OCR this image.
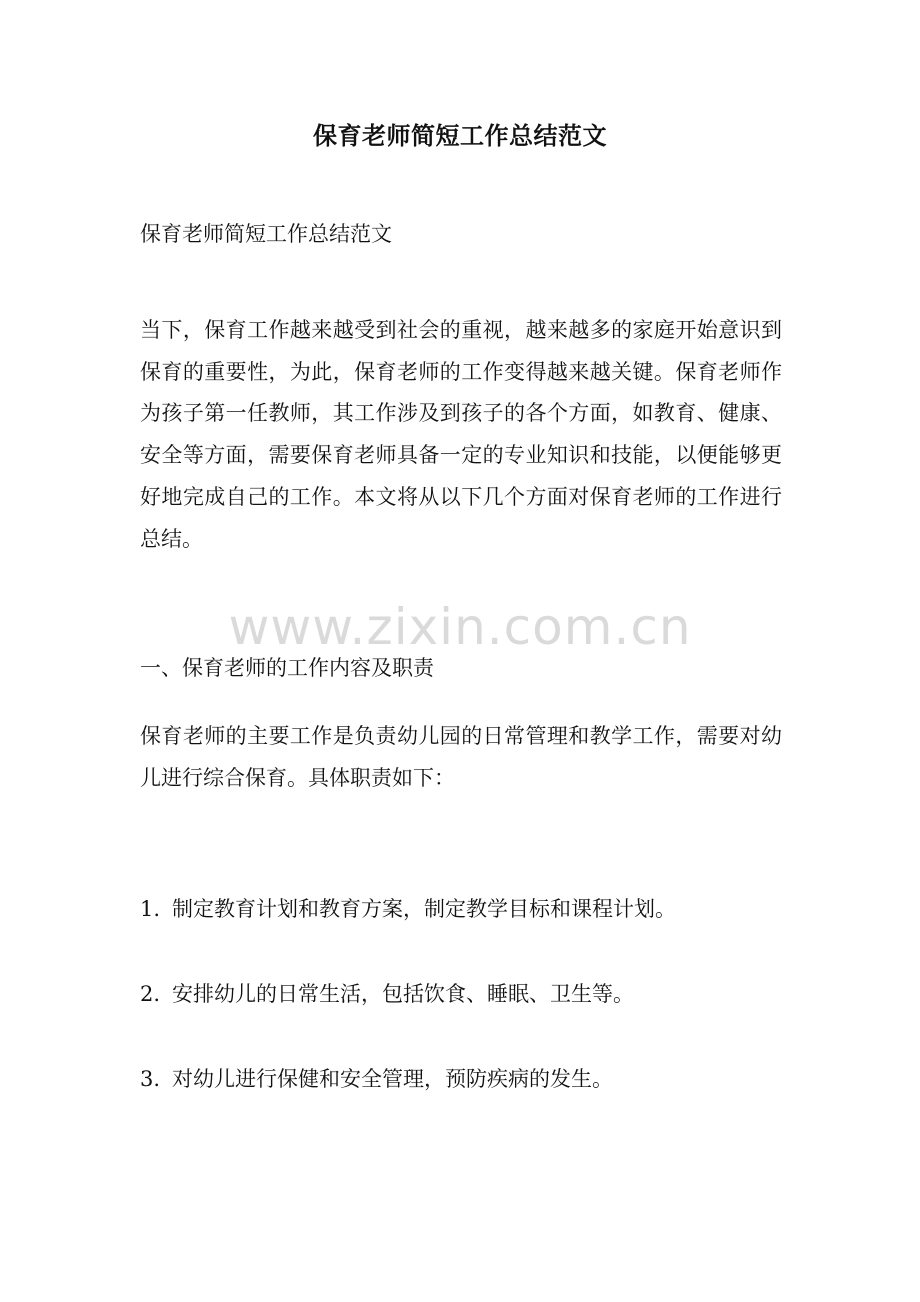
保育老师简短工作总结范文
保育老师简短工作总结范文

当下，保育工作越来越受到社会的重视，越来越多的家庭开始意识到保育的重要性，为此，保育老师的工作变得越来越关键。保育老师作为孩子第一任教师，其工作涉及到孩子的各个方面，如教育、健康、安全等方面，需要保育老师具备一定的专业知识和技能，以便能够更好地完成自己的工作。本文将从以下几个方面对保育老师的工作进行总结。

一、保育老师的工作内容及职责

保育老师的主要工作是负责幼儿园的日常管理和教学工作，需要对幼儿进行综合保育。具体职责如下：

1. 制定教育计划和教育方案，制定教学目标和课程计划。
2. 安排幼儿的日常生活，包括饮食、睡眠、卫生等。
3. 对幼儿进行保健和安全管理，预防疾病的发生。
www.zixin.com.cn
